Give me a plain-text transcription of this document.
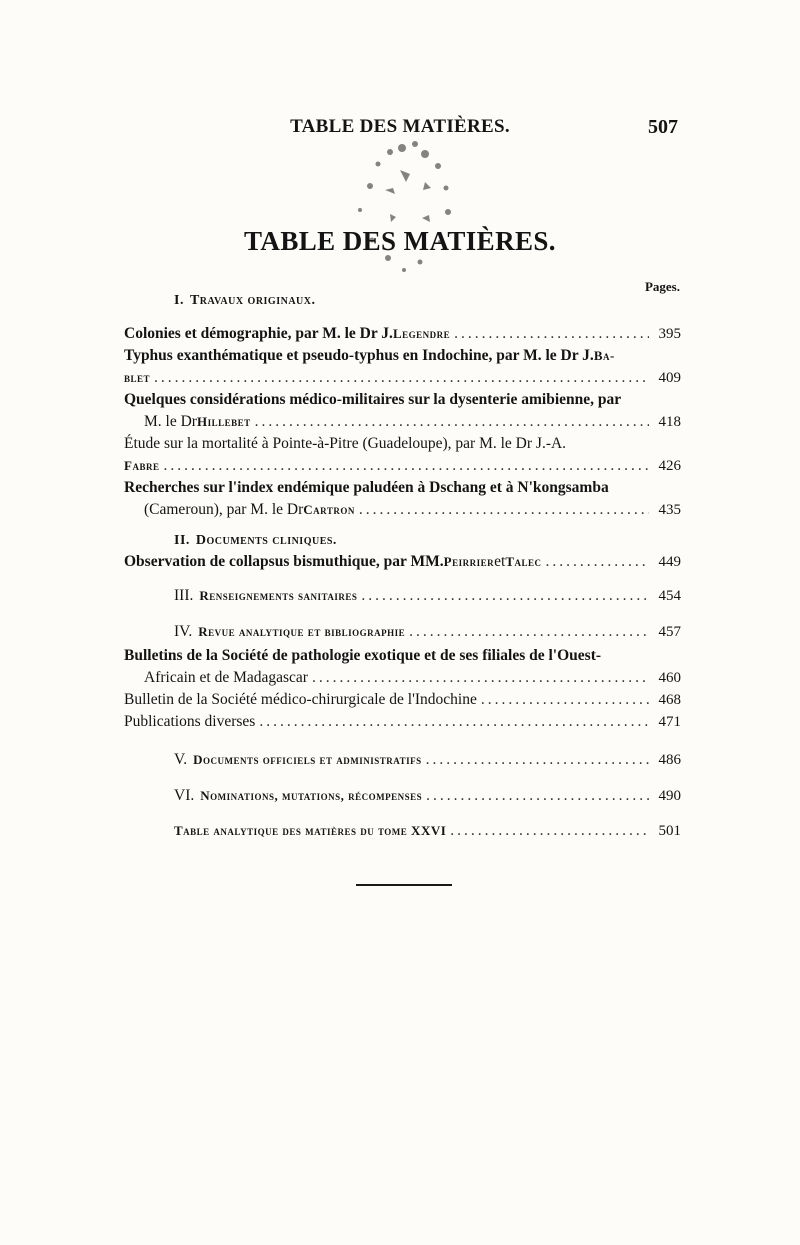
TABLE DES MATIÈRES.	507
TABLE DES MATIÈRES.
Pages.
I. Travaux originaux.
Colonies et démographie, par M. le Dr J. Legendre .....	395
Typhus exanthématique et pseudo-typhus en Indochine, par M. le Dr J. Ba-
blet .....	409
Quelques considérations médico-militaires sur la dysenterie amibienne, par
M. le Dr Hillebet .....	418
Étude sur la mortalité à Pointe-à-Pitre (Guadeloupe), par M. le Dr J.-A.
Fabre .....	426
Recherches sur l'index endémique paludéen à Dschang et à N'kongsamba
(Cameroun), par M. le Dr Cartron .....	435
II. Documents cliniques.
Observation de collapsus bismuthique, par MM. Peirrier et Talec .....	449
III. Renseignements sanitaires .....	454
IV. Revue analytique et bibliographie .....	457
Bulletins de la Société de pathologie exotique et de ses filiales de l'Ouest-
Africain et de Madagascar .....	460
Bulletin de la Société médico-chirurgicale de l'Indochine .....	468
Publications diverses .....	471
V. Documents officiels et administratifs .....	486
VI. Nominations, mutations, récompenses .....	490
Table analytique des matières du tome XXVI .....	501
